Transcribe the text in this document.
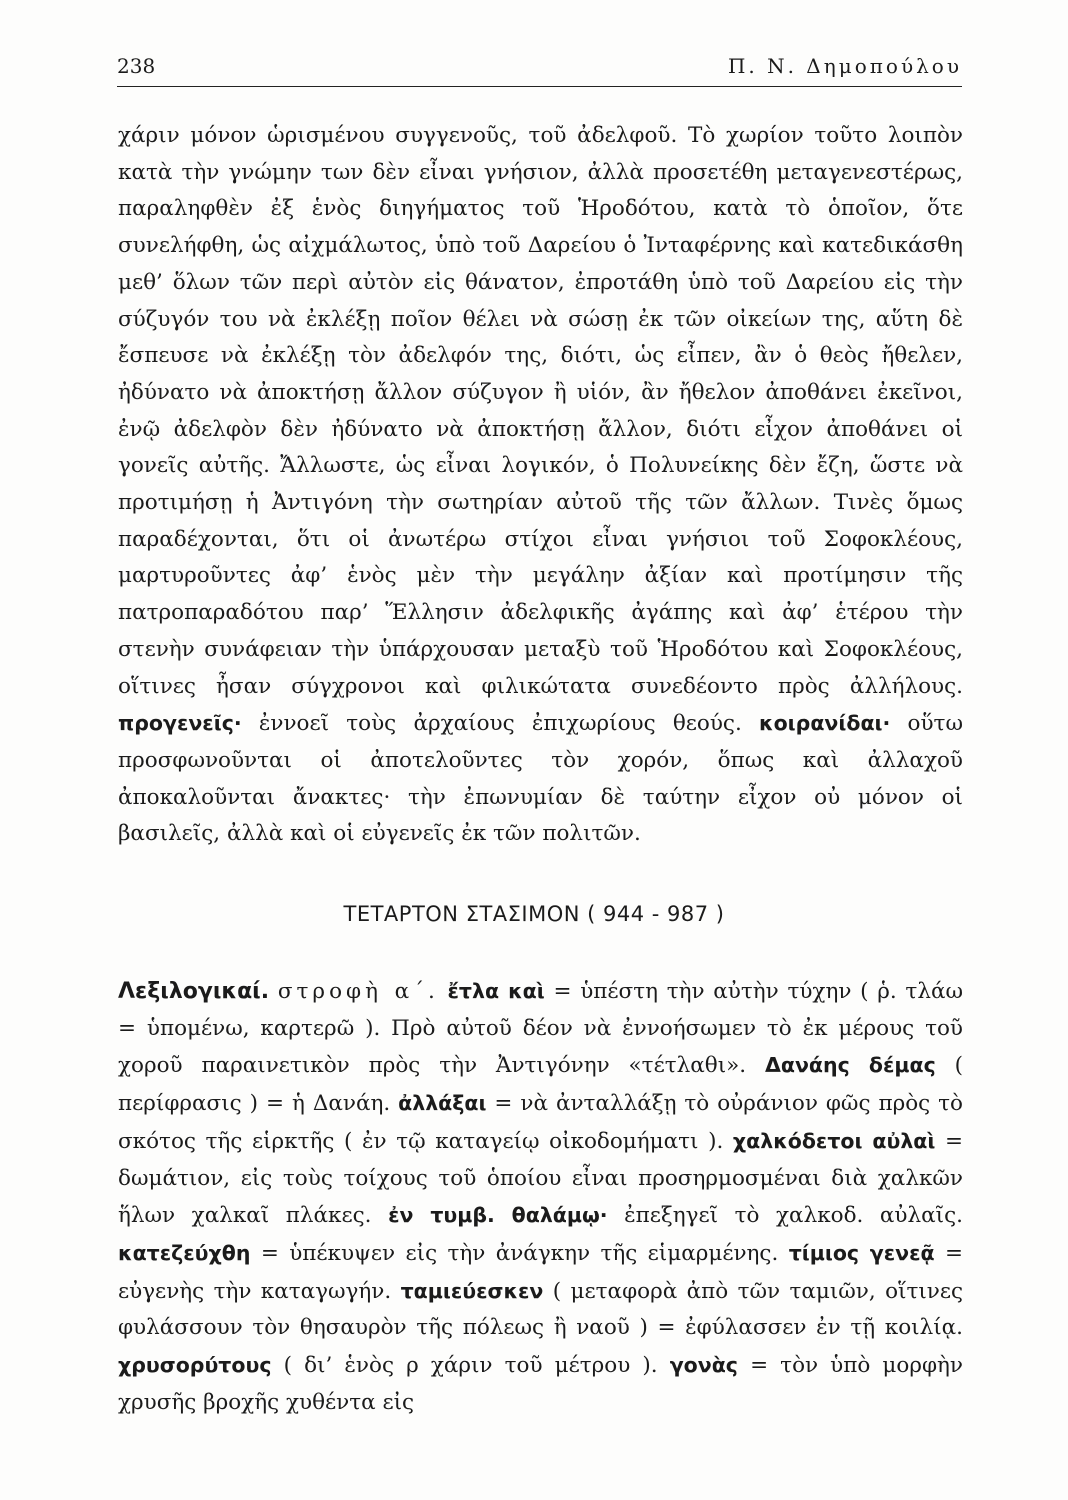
238	Π. Ν. Δημοπούλου

χάριν μόνον ὡρισμένου συγγενοῦς, τοῦ ἀδελφοῦ. Τὸ χωρίον τοῦτο λοιπὸν κατὰ τὴν γνώμην των δὲν εἶναι γνήσιον, ἀλλὰ προσετέθη μεταγενεστέρως, παραληφθὲν ἐξ ἑνὸς διηγήματος τοῦ Ἡροδότου, κατὰ τὸ ὁποῖον, ὅτε συνελήφθη, ὡς αἰχμάλωτος, ὑπὸ τοῦ Δαρείου ὁ Ἰνταφέρνης καὶ κατεδικάσθη μεθ’ ὅλων τῶν περὶ αὐτὸν εἰς θάνατον, ἐπροτάθη ὑπὸ τοῦ Δαρείου εἰς τὴν σύζυγόν του νὰ ἐκλέξῃ ποῖον θέλει νὰ σώσῃ ἐκ τῶν οἰκείων της, αὕτη δὲ ἔσπευσε νὰ ἐκλέξῃ τὸν ἀδελφόν της, διότι, ὡς εἶπεν, ἂν ὁ θεὸς ἤθελεν, ἠδύνατο νὰ ἀποκτήσῃ ἄλλον σύζυγον ἢ υἱόν, ἂν ἤθελον ἀποθάνει ἐκεῖνοι, ἐνῷ ἀδελφὸν δὲν ἠδύνατο νὰ ἀποκτήσῃ ἄλλον, διότι εἶχον ἀποθάνει οἱ γονεῖς αὐτῆς. Ἄλλωστε, ὡς εἶναι λογικόν, ὁ Πολυνείκης δὲν ἔζη, ὥστε νὰ προτιμήσῃ ἡ Ἀντιγόνη τὴν σωτηρίαν αὐτοῦ τῆς τῶν ἄλλων. Τινὲς ὅμως παραδέχονται, ὅτι οἱ ἀνωτέρω στίχοι εἶναι γνήσιοι τοῦ Σοφοκλέους, μαρτυροῦντες ἀφ’ ἑνὸς μὲν τὴν μεγάλην ἀξίαν καὶ προτίμησιν τῆς πατροπαραδότου παρ’ Ἕλλησιν ἀδελφικῆς ἀγάπης καὶ ἀφ’ ἑτέρου τὴν στενὴν συνάφειαν τὴν ὑπάρχουσαν μεταξὺ τοῦ Ἡροδότου καὶ Σοφοκλέους, οἵτινες ἦσαν σύγχρονοι καὶ φιλικώτατα συνεδέοντο πρὸς ἀλλήλους. προγενεῖς· ἐννοεῖ τοὺς ἀρχαίους ἐπιχωρίους θεούς. κοιρανίδαι· οὕτω προσφωνοῦνται οἱ ἀποτελοῦντες τὸν χορόν, ὅπως καὶ ἀλλαχοῦ ἀποκαλοῦνται ἄνακτες· τὴν ἐπωνυμίαν δὲ ταύτην εἶχον οὐ μόνον οἱ βασιλεῖς, ἀλλὰ καὶ οἱ εὐγενεῖς ἐκ τῶν πολιτῶν.

ΤΕΤΑΡΤΟΝ ΣΤΑΣΙΜΟΝ ( 944 - 987 )
Λεξιλογικαί. στροφὴ α΄. ἔτλα καὶ = ὑπέστη τὴν αὐτὴν τύχην ( ῥ. τλάω = ὑπομένω, καρτερῶ ). Πρὸ αὐτοῦ δέον νὰ ἐννοήσωμεν τὸ ἐκ μέρους τοῦ χοροῦ παραινετικὸν πρὸς τὴν Ἀντιγόνην «τέτλαθι». Δανάης δέμας ( περίφρασις ) = ἡ Δανάη. ἀλλάξαι = νὰ ἀνταλλάξῃ τὸ οὐράνιον φῶς πρὸς τὸ σκότος τῆς εἱρκτῆς ( ἐν τῷ καταγείῳ οἰκοδομήματι ). χαλκόδετοι αὐλαὶ = δωμάτιον, εἰς τοὺς τοίχους τοῦ ὁποίου εἶναι προσηρμοσμέναι διὰ χαλκῶν ἥλων χαλκαῖ πλάκες. ἐν τυμβ. θαλάμῳ· ἐπεξηγεῖ τὸ χαλκοδ. αὐλαῖς. κατεζεύχθη = ὑπέκυψεν εἰς τὴν ἀνάγκην τῆς εἱμαρμένης. τίμιος γενεᾷ = εὐγενὴς τὴν καταγωγήν. ταμιεύεσκεν ( μεταφορὰ ἀπὸ τῶν ταμιῶν, οἵτινες φυλάσσουν τὸν θησαυρὸν τῆς πόλεως ἢ ναοῦ ) = ἐφύλασσεν ἐν τῇ κοιλίᾳ. χρυσορύτους ( δι’ ἑνὸς ρ χάριν τοῦ μέτρου ). γονὰς = τὸν ὑπὸ μορφὴν χρυσῆς βροχῆς χυθέντα εἰς
